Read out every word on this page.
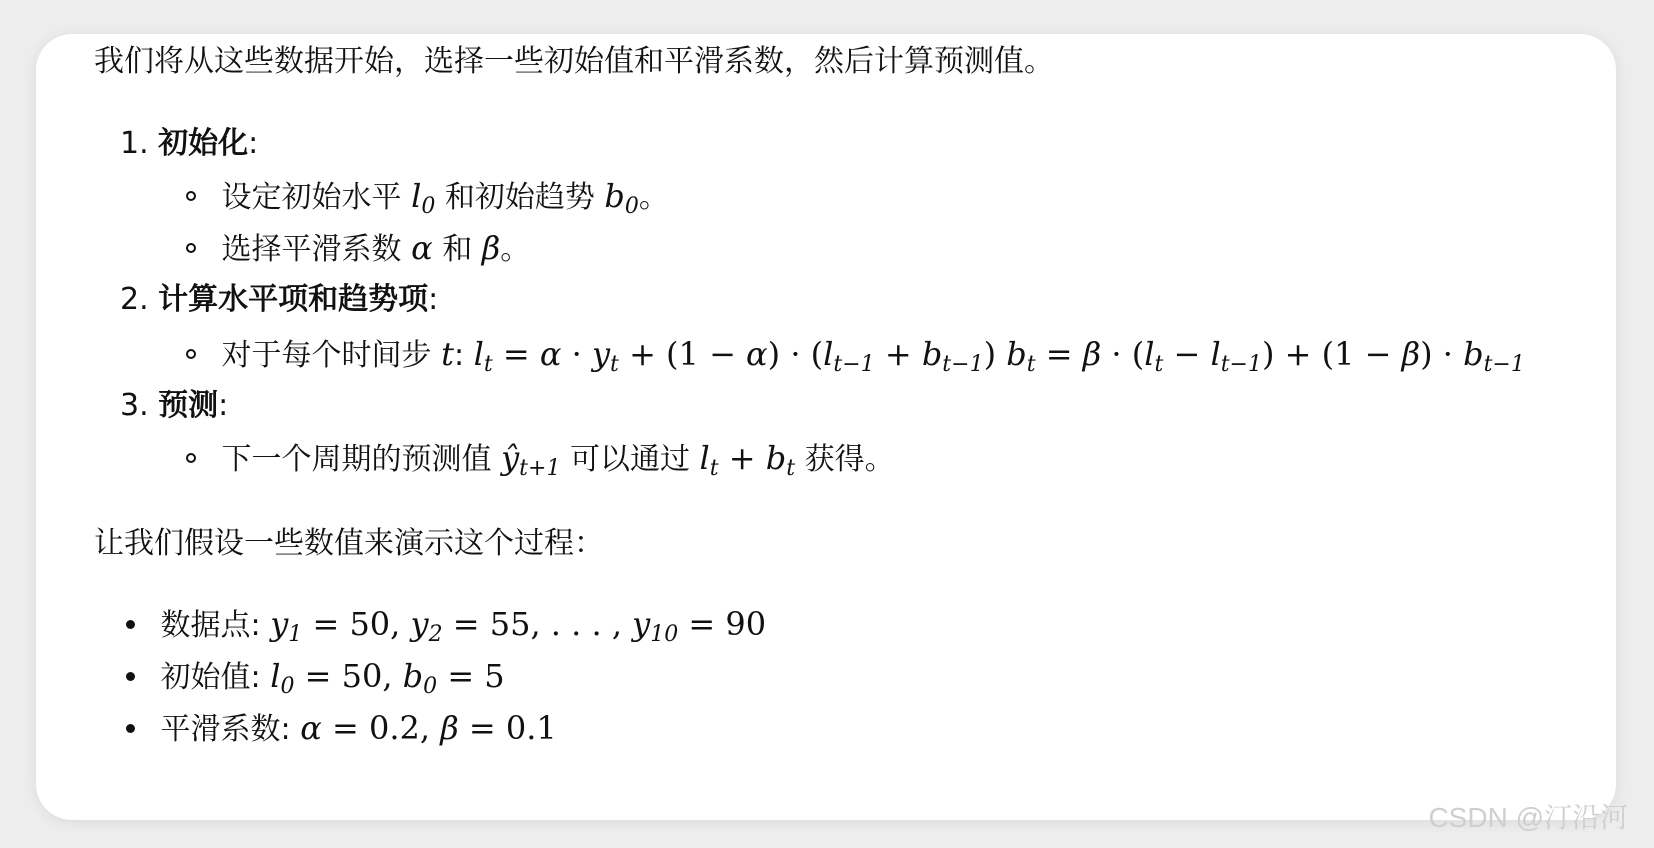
我们将从这些数据开始，选择一些初始值和平滑系数，然后计算预测值。
1. 初始化:
设定初始水平 $l_0$ 和初始趋势 $b_0$。
选择平滑系数 α 和 β。
2. 计算水平项和趋势项:
对于每个时间步 t: $l_t = \alpha \cdot y_t + (1 - \alpha) \cdot (l_{t-1} + b_{t-1}) b_t = \beta \cdot (l_t - l_{t-1}) + (1 - \beta) \cdot b_{t-1}$
3. 预测:
下一个周期的预测值 $ŷ_{t+1}$ 可以通过 $l_t + b_t$ 获得。
让我们假设一些数值来演示这个过程：
数据点: $y_1 = 50$, $y_2 = 55$, . . . , $y_{10} = 90$
初始值: $l_0 = 50$, $b_0 = 5$
平滑系数: α = 0.2, β = 0.1
CSDN @汀沿河
